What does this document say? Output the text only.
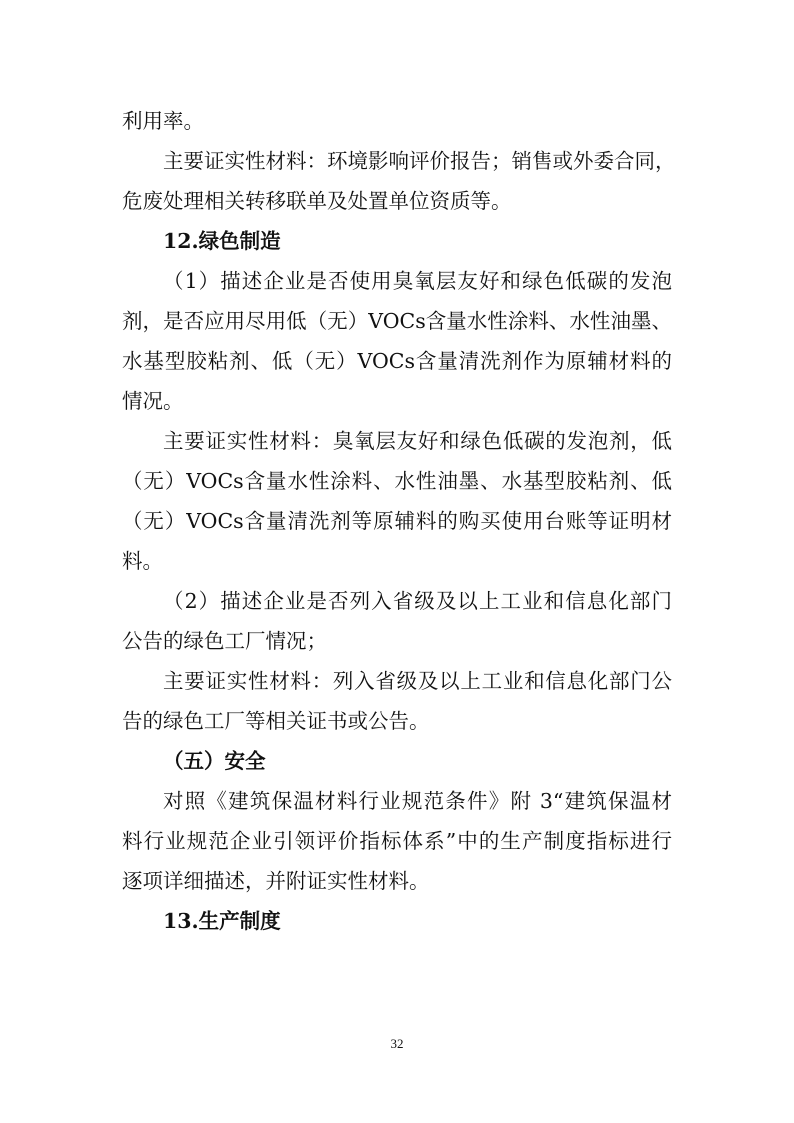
利用率。
主要证实性材料：环境影响评价报告；销售或外委合同，
危废处理相关转移联单及处置单位资质等。
12.绿色制造
（1）描述企业是否使用臭氧层友好和绿色低碳的发泡
剂，是否应用尽用低（无）VOCs含量水性涂料、水性油墨、
水基型胶粘剂、低（无）VOCs含量清洗剂作为原辅材料的
情况。
主要证实性材料：臭氧层友好和绿色低碳的发泡剂，低
（无）VOCs含量水性涂料、水性油墨、水基型胶粘剂、低
（无）VOCs含量清洗剂等原辅料的购买使用台账等证明材
料。
（2）描述企业是否列入省级及以上工业和信息化部门
公告的绿色工厂情况；
主要证实性材料：列入省级及以上工业和信息化部门公
告的绿色工厂等相关证书或公告。
（五）安全
对照《建筑保温材料行业规范条件》附 3“建筑保温材
料行业规范企业引领评价指标体系”中的生产制度指标进行
逐项详细描述，并附证实性材料。
13.生产制度
32
